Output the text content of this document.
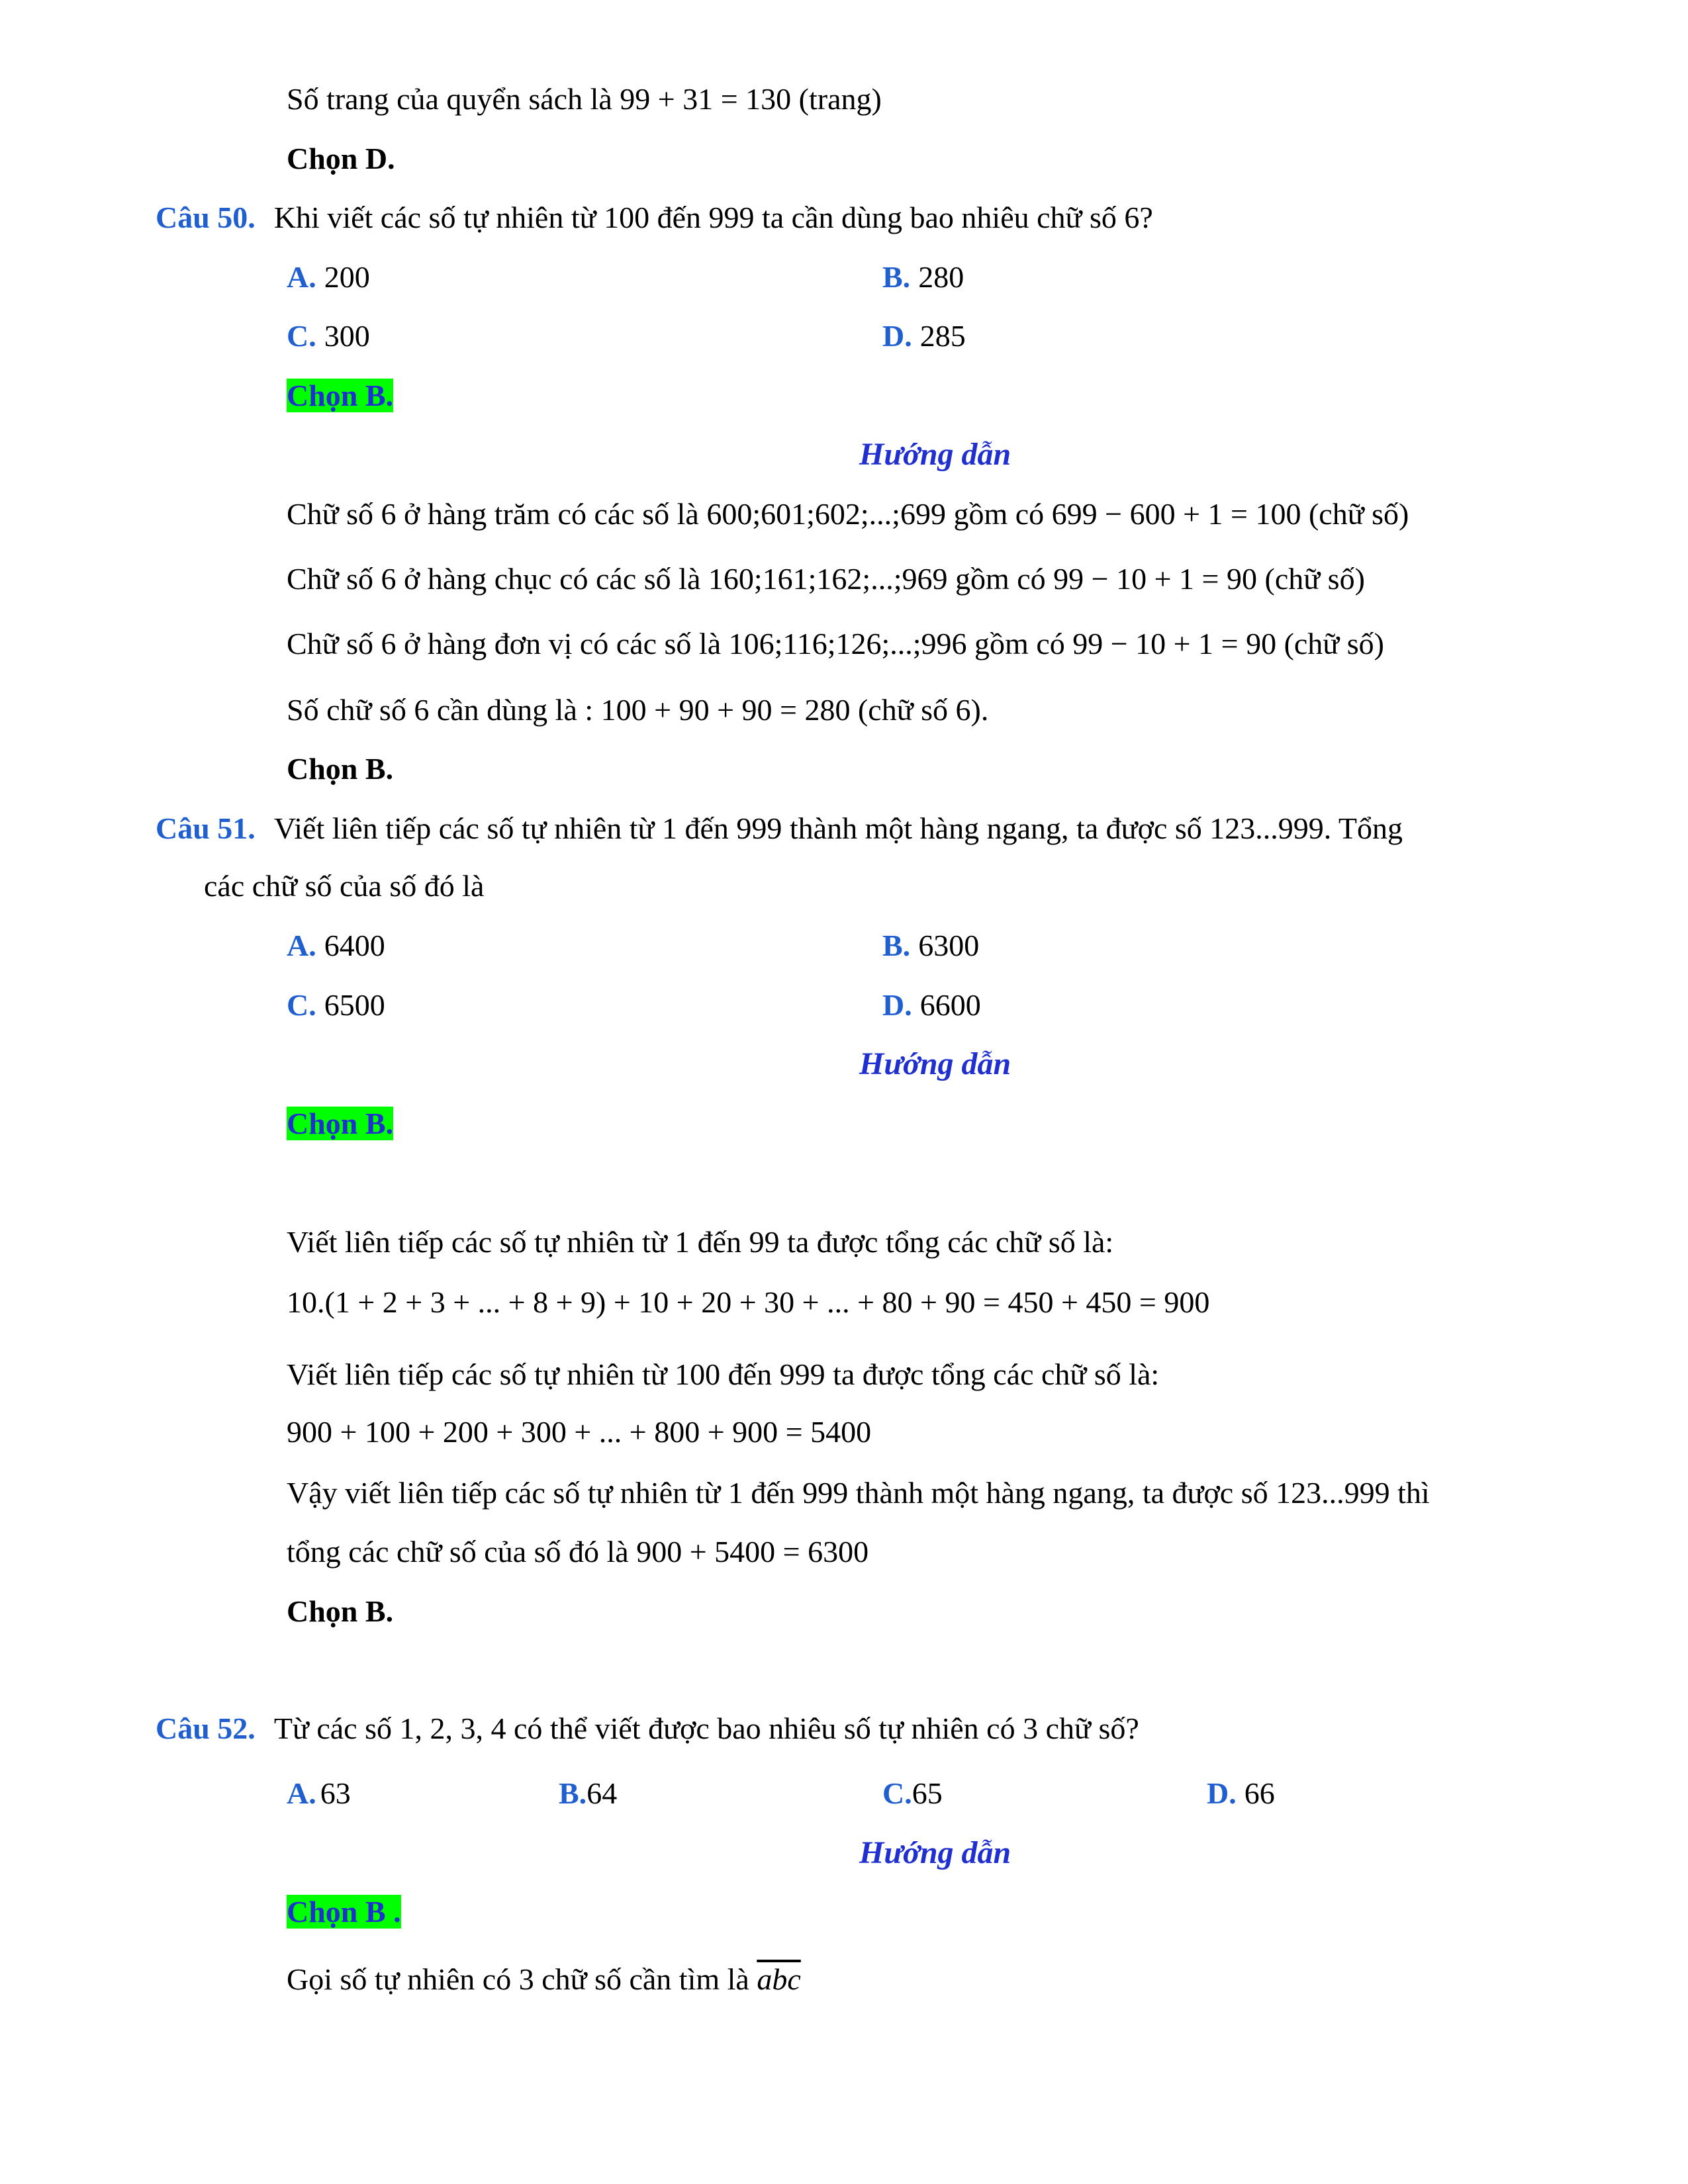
Số trang của quyển sách là 99 + 31 = 130 (trang)
Chọn D.
Câu 50. Khi viết các số tự nhiên từ 100 đến 999 ta cần dùng bao nhiêu chữ số 6?
A. 200	B. 280
C. 300	D. 285
Chọn B.
Hướng dẫn
Chữ số 6 ở hàng trăm có các số là 600;601;602;...;699 gồm có 699 − 600 + 1 = 100 (chữ số)
Chữ số 6 ở hàng chục có các số là 160;161;162;...;969 gồm có 99 − 10 + 1 = 90 (chữ số)
Chữ số 6 ở hàng đơn vị có các số là 106;116;126;...;996 gồm có 99 − 10 + 1 = 90 (chữ số)
Số chữ số 6 cần dùng là : 100 + 90 + 90 = 280 (chữ số 6).
Chọn B.
Câu 51. Viết liên tiếp các số tự nhiên từ 1 đến 999 thành một hàng ngang, ta được số 123...999. Tổng
các chữ số của số đó là
A. 6400	B. 6300
C. 6500	D. 6600
Hướng dẫn
Chọn B.
Viết liên tiếp các số tự nhiên từ 1 đến 99 ta được tổng các chữ số là:
10.(1 + 2 + 3 + ... + 8 + 9) + 10 + 20 + 30 + ... + 80 + 90 = 450 + 450 = 900
Viết liên tiếp các số tự nhiên từ 100 đến 999 ta được tổng các chữ số là:
900 + 100 + 200 + 300 + ... + 800 + 900 = 5400
Vậy viết liên tiếp các số tự nhiên từ 1 đến 999 thành một hàng ngang, ta được số 123...999 thì
tổng các chữ số của số đó là 900 + 5400 = 6300
Chọn B.
Câu 52. Từ các số 1, 2, 3, 4 có thể viết được bao nhiêu số tự nhiên có 3 chữ số?
A. 63	B.64	C.65	D. 66
Hướng dẫn
Chọn B .
Gọi số tự nhiên có 3 chữ số cần tìm là $\overline{abc}$
